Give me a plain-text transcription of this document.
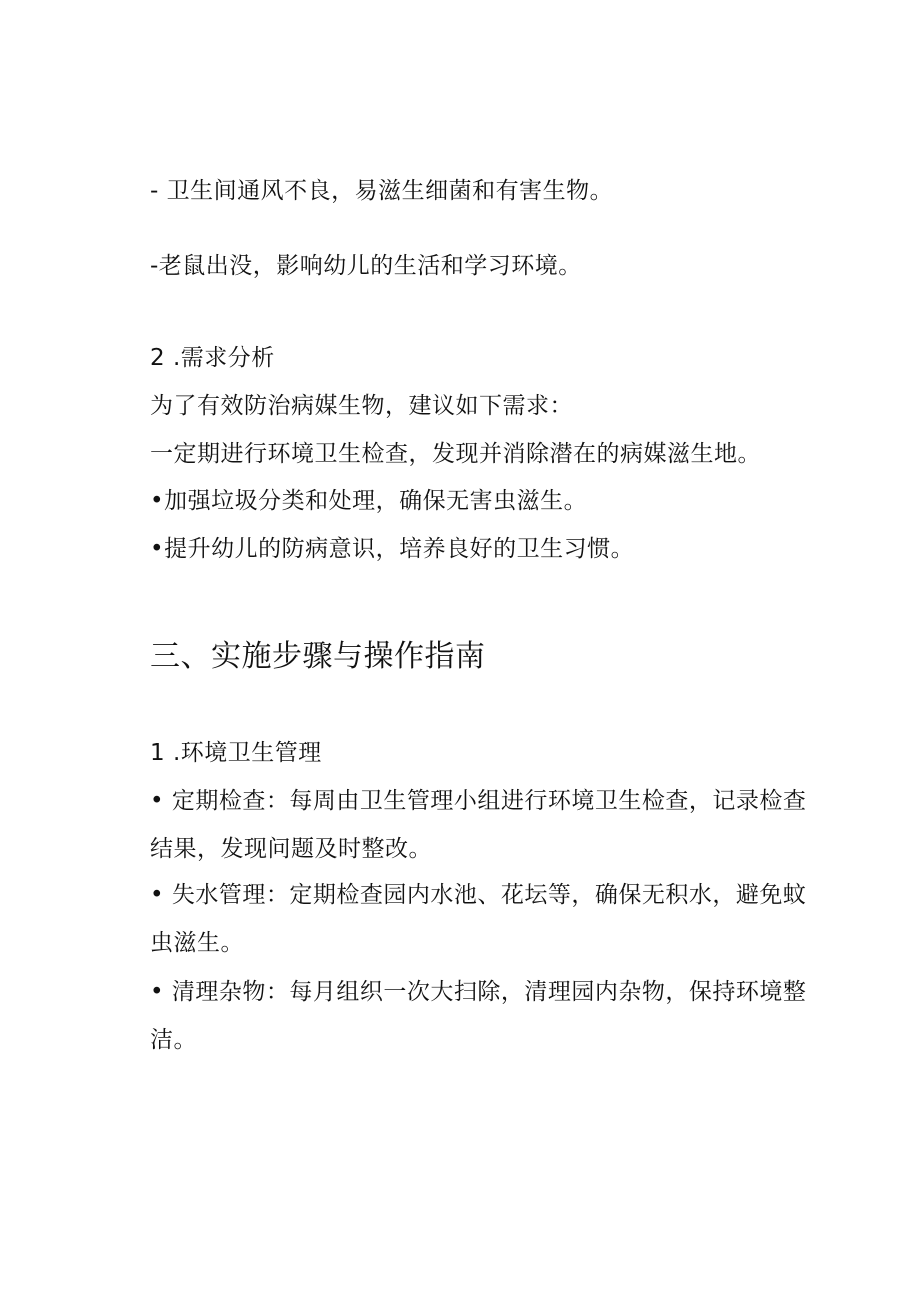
- 卫生间通风不良，易滋生细菌和有害生物。
-老鼠出没，影响幼儿的生活和学习环境。
2 .需求分析
为了有效防治病媒生物，建议如下需求：
一定期进行环境卫生检查，发现并消除潜在的病媒滋生地。
•加强垃圾分类和处理，确保无害虫滋生。
•提升幼儿的防病意识，培养良好的卫生习惯。
三、实施步骤与操作指南
1 .环境卫生管理
• 定期检查：每周由卫生管理小组进行环境卫生检查，记录检查
结果，发现问题及时整改。
• 失水管理：定期检查园内水池、花坛等，确保无积水，避免蚊
虫滋生。
• 清理杂物：每月组织一次大扫除，清理园内杂物，保持环境整
洁。
